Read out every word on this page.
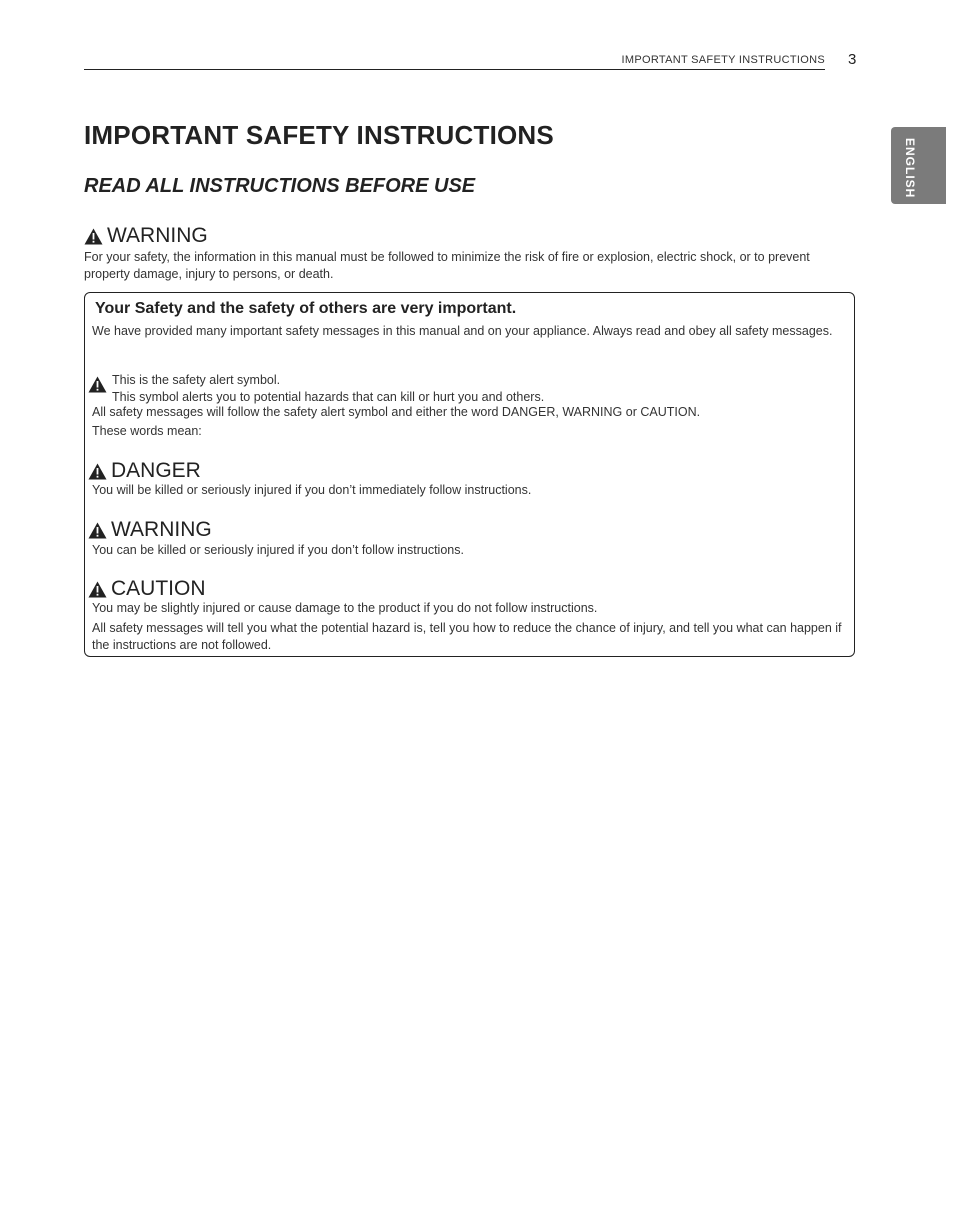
IMPORTANT SAFETY INSTRUCTIONS 3
ENGLISH
IMPORTANT SAFETY INSTRUCTIONS
READ ALL INSTRUCTIONS BEFORE USE
WARNING

For your safety, the information in this manual must be followed to minimize the risk of fire or explosion, electric shock, or to prevent property damage, injury to persons, or death.

Your Safety and the safety of others are very important.

We have provided many important safety messages in this manual and on your appliance. Always read and obey all safety messages.

This is the safety alert symbol.

This symbol alerts you to potential hazards that can kill or hurt you and others.

All safety messages will follow the safety alert symbol and either the word DANGER, WARNING or CAUTION.

These words mean:

DANGER

You will be killed or seriously injured if you don’t immediately follow instructions.

WARNING

You can be killed or seriously injured if you don’t follow instructions.

CAUTION

You may be slightly injured or cause damage to the product if you do not follow instructions.

All safety messages will tell you what the potential hazard is, tell you how to reduce the chance of injury, and tell you what can happen if the instructions are not followed.
